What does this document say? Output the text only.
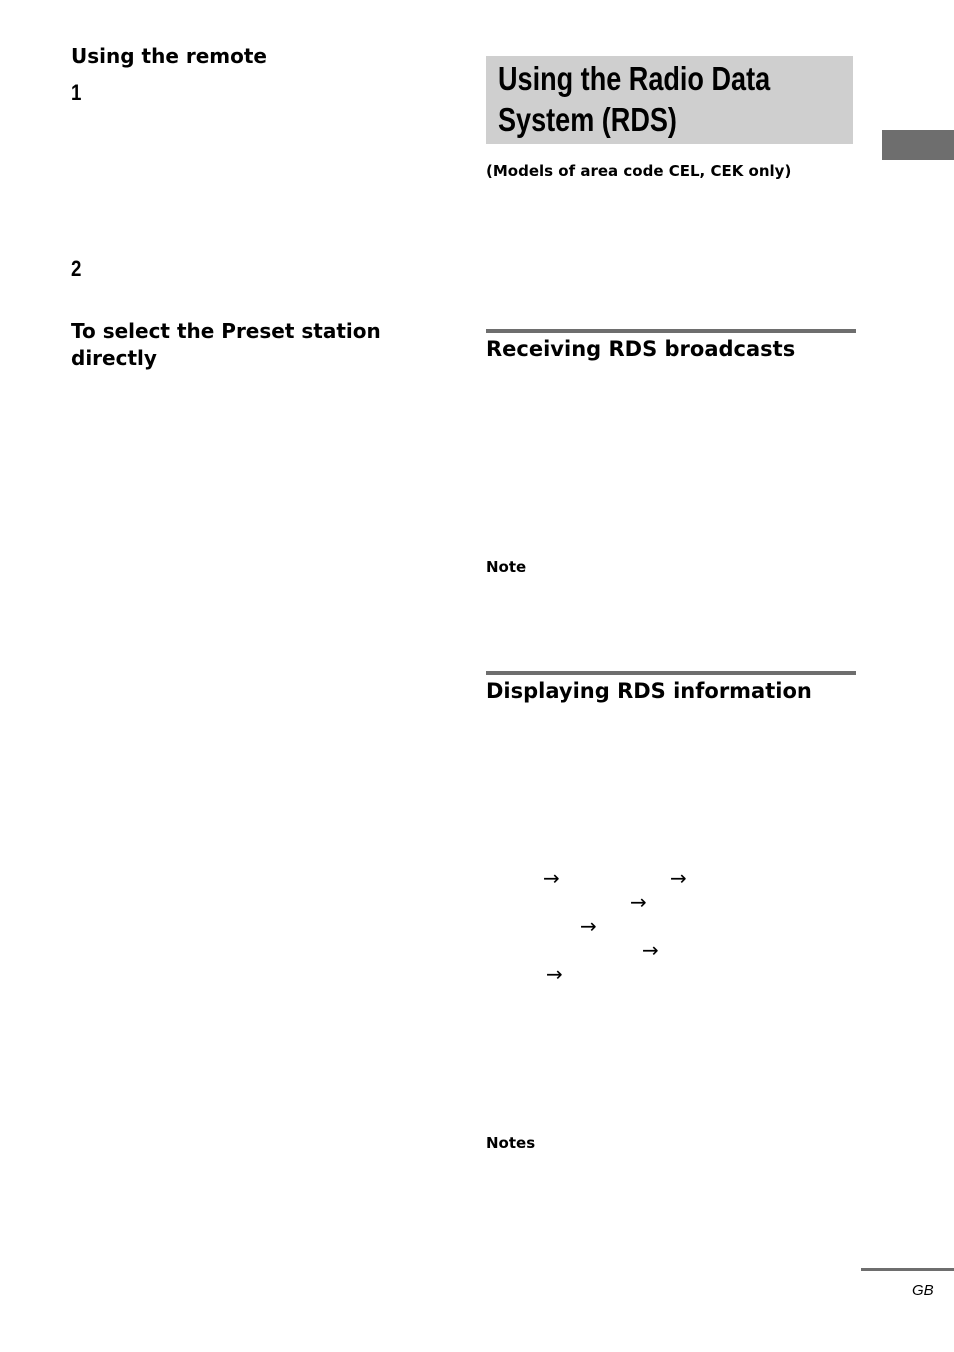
Using the remote
1
2
To select the Preset station directly
Using the Radio Data
System (RDS)
(Models of area code CEL, CEK only)
Receiving RDS broadcasts
Note
Displaying RDS information
→	→
→
→
→
→
Notes
GB
